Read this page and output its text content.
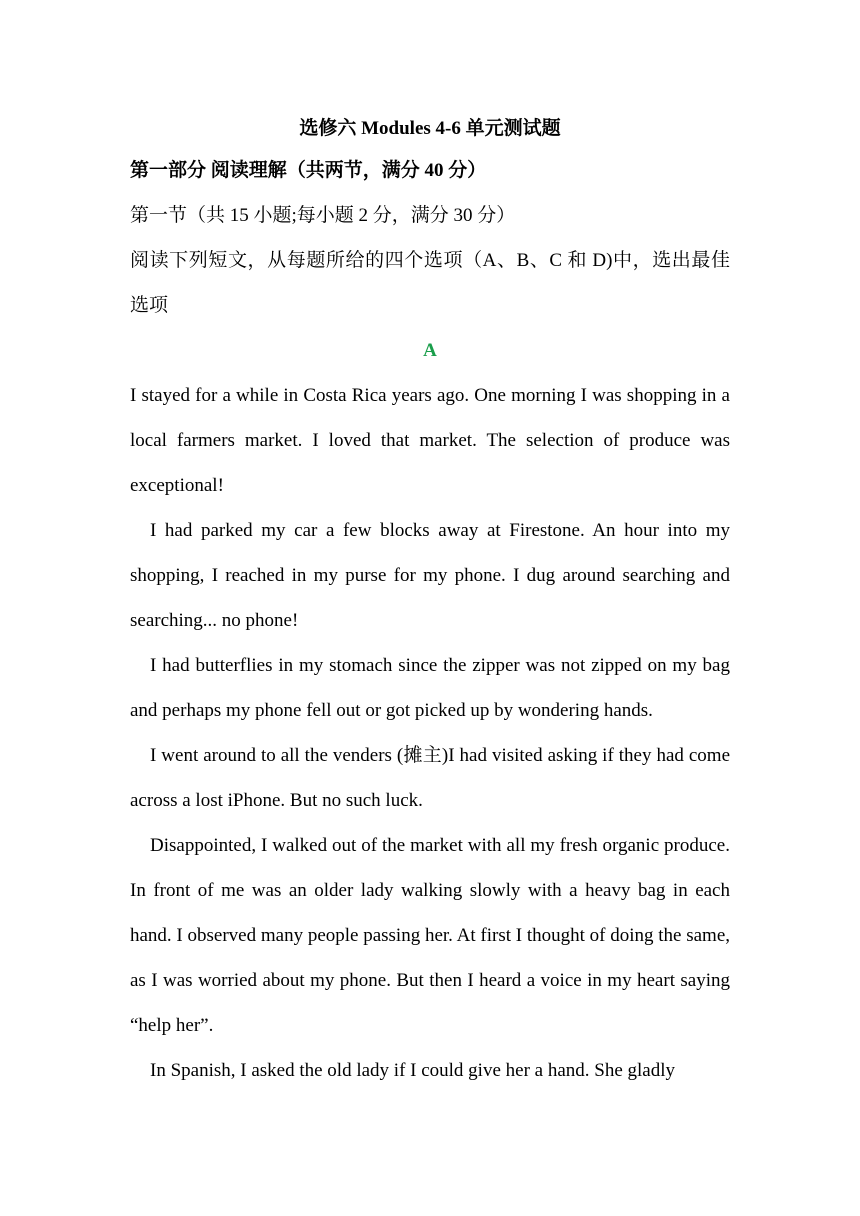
选修六 Modules 4-6 单元测试题

第一部分 阅读理解（共两节，满分 40 分）

第一节（共 15 小题;每小题 2 分，满分 30 分）

阅读下列短文，从每题所给的四个选项（A、B、C 和 D)中，选出最佳选项

A

I stayed for a while in Costa Rica years ago. One morning I was shopping in a local farmers market. I loved that market. The selection of produce was exceptional!

I had parked my car a few blocks away at Firestone. An hour into my shopping, I reached in my purse for my phone. I dug around searching and searching... no phone!

I had butterflies in my stomach since the zipper was not zipped on my bag and perhaps my phone fell out or got picked up by wondering hands.

I went around to all the venders (摊主)I had visited asking if they had come across a lost iPhone. But no such luck.

Disappointed, I walked out of the market with all my fresh organic produce. In front of me was an older lady walking slowly with a heavy bag in each hand. I observed many people passing her. At first I thought of doing the same, as I was worried about my phone. But then I heard a voice in my heart saying “help her”.

In Spanish, I asked the old lady if I could give her a hand. She gladly
